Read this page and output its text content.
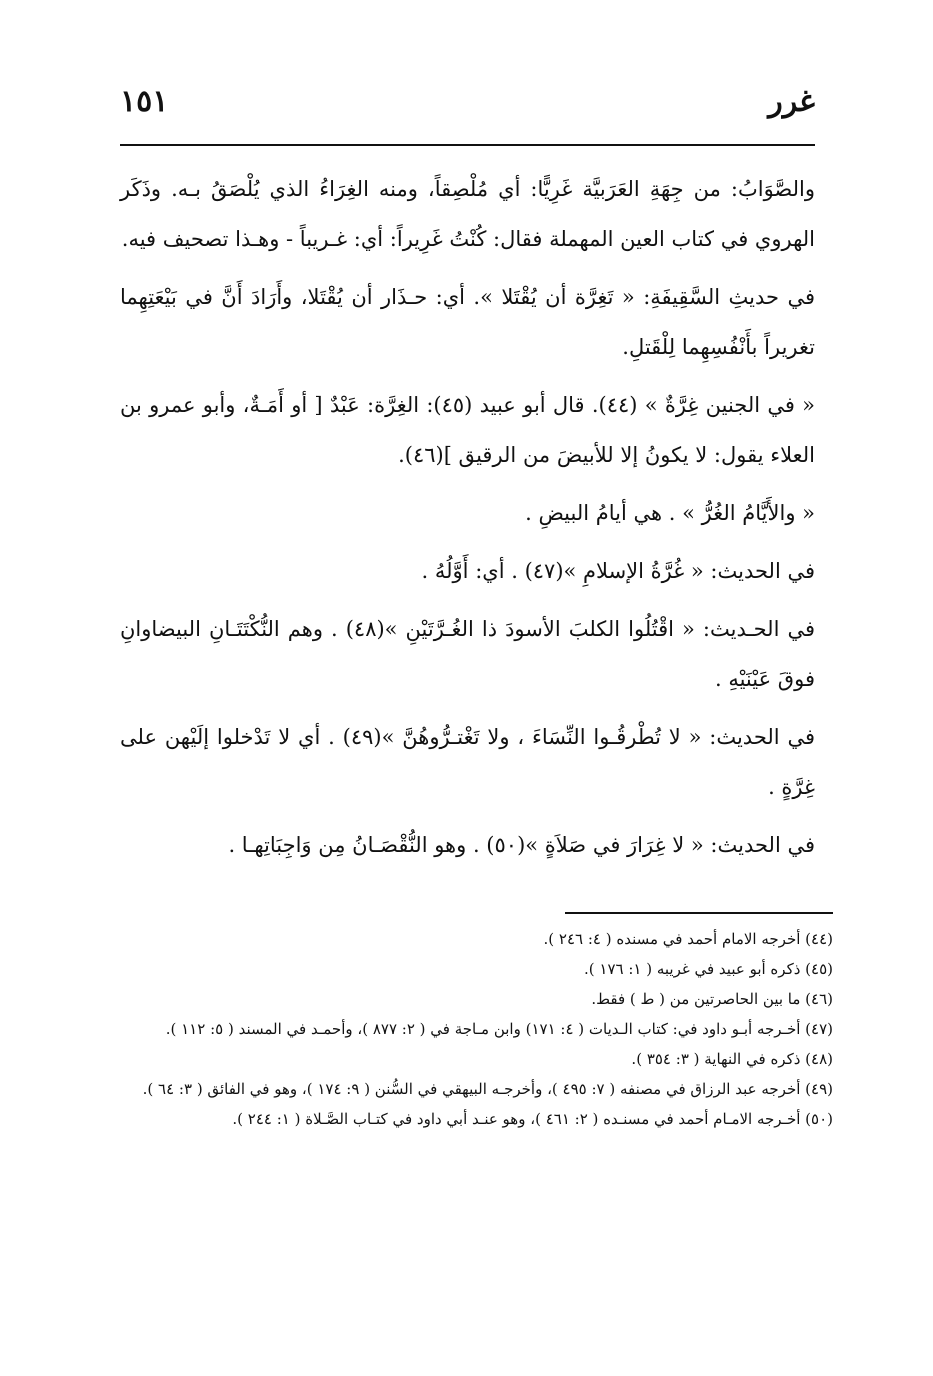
غرر
١٥١

والصَّوَابُ: من جِهَةِ العَرَبيَّة غَرِيًّا: أي مُلْصِقاً، ومنه الغِرَاءُ الذي يُلْصَقُ بـه. وذَكَر الهروي في كتاب العين المهملة فقال: كُنْتُ غَرِيراً: أي: غـريباً - وهـذا تصحيف فيه.

في حديثِ السَّقِيفَةِ: « تَغِرَّة أن يُقْتَلا ». أي: حـذَار أن يُقْتَلا، وأَرَادَ أَنَّ في بَيْعَتِهِما تغريراً بأَنْفُسِهِما لِلْقَتلِ.

« في الجنين غِرَّةٌ » (٤٤). قال أبو عبيد (٤٥): الغِرَّة: عَبْدٌ [ أو أَمَـةٌ، وأبو عمرو بن العلاء يقول: لا يكونُ إلا للأبيضَ من الرقيق ](٤٦).

« والأَيَّامُ الغُرُّ » . هي أيامُ البيضِ .

في الحديث: « غُرَّةُ الإسلامِ »(٤٧) . أي: أَوَّلُهُ .

في الحـديث: « اقْتُلُوا الكلبَ الأسودَ ذا الغُـرَّتَيْنِ »(٤٨) . وهم النُّكْتَتَـانِ البيضاوانِ فوقَ عَيْنَيْهِ .

في الحديث: « لا تُطْرقُـوا النِّسَاءَ ، ولا تَغْتـرُّوهُنَّ »(٤٩) . أي لا تَدْخلوا إلَيْهن على غِرَّةٍ .

في الحديث: « لا غِرَارَ في صَلاَةٍ »(٥٠) . وهو النُّقْصَـانُ مِن وَاجِبَاتِهـا .

(٤٤) أخرجه الامام أحمد في مسنده ( ٤: ٢٤٦ ).

(٤٥) ذكره أبو عبيد في غريبه ( ١: ١٧٦ ).

(٤٦) ما بين الحاصرتين من ( ط ) فقط.

(٤٧) أخـرجه أبـو داود في: كتاب الـديات ( ٤: ١٧١) وابن مـاجة في ( ٢: ٨٧٧ )، وأحمـد في المسند ( ٥: ١١٢ ).

(٤٨) ذكره في النهاية ( ٣: ٣٥٤ ).

(٤٩) أخرجه عبد الرزاق في مصنفه ( ٧: ٤٩٥ )، وأخرجـه البيهقي في السُّنن ( ٩: ١٧٤ )، وهو في الفائق ( ٣: ٦٤ ).

(٥٠) أخـرجه الامـام أحمد في مسنـده ( ٢: ٤٦١ )، وهو عنـد أبي داود في كتـاب الصَّـلاة ( ١: ٢٤٤ ).
